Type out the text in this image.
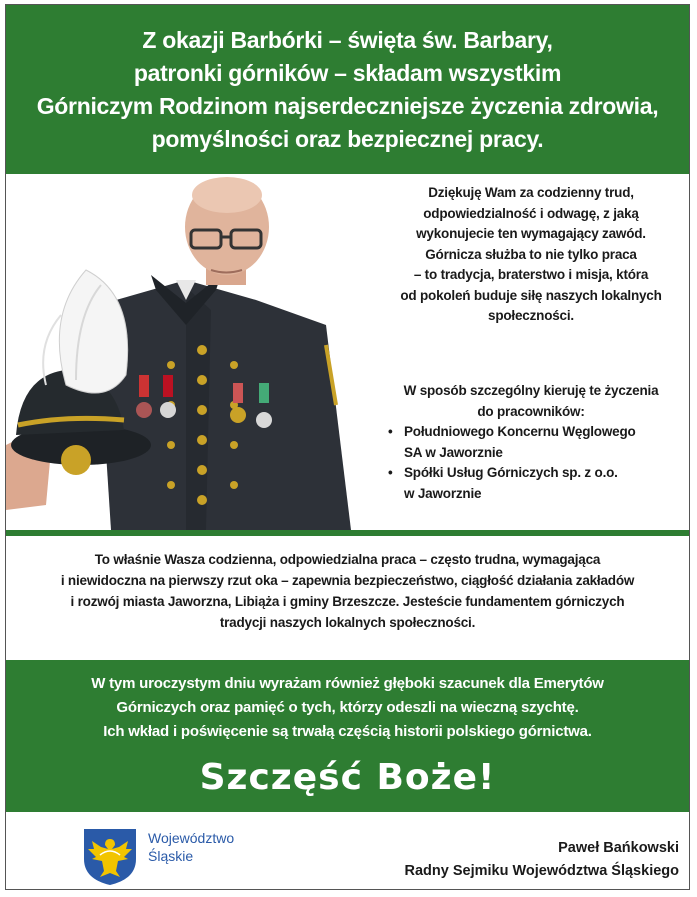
Z okazji Barbórki – święta św. Barbary,
patronki górników – składam wszystkim
Górniczym Rodzinom najserdeczniejsze życzenia zdrowia,
pomyślności oraz bezpiecznej pracy.

Dziękuję Wam za codzienny trud,

odpowiedzialność i odwagę, z jaką

wykonujecie ten wymagający zawód.

Górnicza służba to nie tylko praca

– to tradycja, braterstwo i misja, która

od pokoleń buduje siłę naszych lokalnych

społeczności.

W sposób szczególny kieruję te życzenia
do pracowników:
• Południowego Koncernu Węglowego
SA w Jaworznie
• Spółki Usług Górniczych sp. z o.o.
w Jaworznie
To właśnie Wasza codzienna, odpowiedzialna praca – często trudna, wymagająca
i niewidoczna na pierwszy rzut oka – zapewnia bezpieczeństwo, ciągłość działania zakładów
i rozwój miasta Jaworzna, Libiąża i gminy Brzeszcze. Jesteście fundamentem górniczych
tradycji naszych lokalnych społeczności.
W tym uroczystym dniu wyrażam również głęboki szacunek dla Emerytów
Górniczych oraz pamięć o tych, którzy odeszli na wieczną szychtę.
Ich wkład i poświęcenie są trwałą częścią historii polskiego górnictwa.
Szczęść Boże!
Województwo
Śląskie	Paweł Bańkowski
Radny Sejmiku Województwa Śląskiego
